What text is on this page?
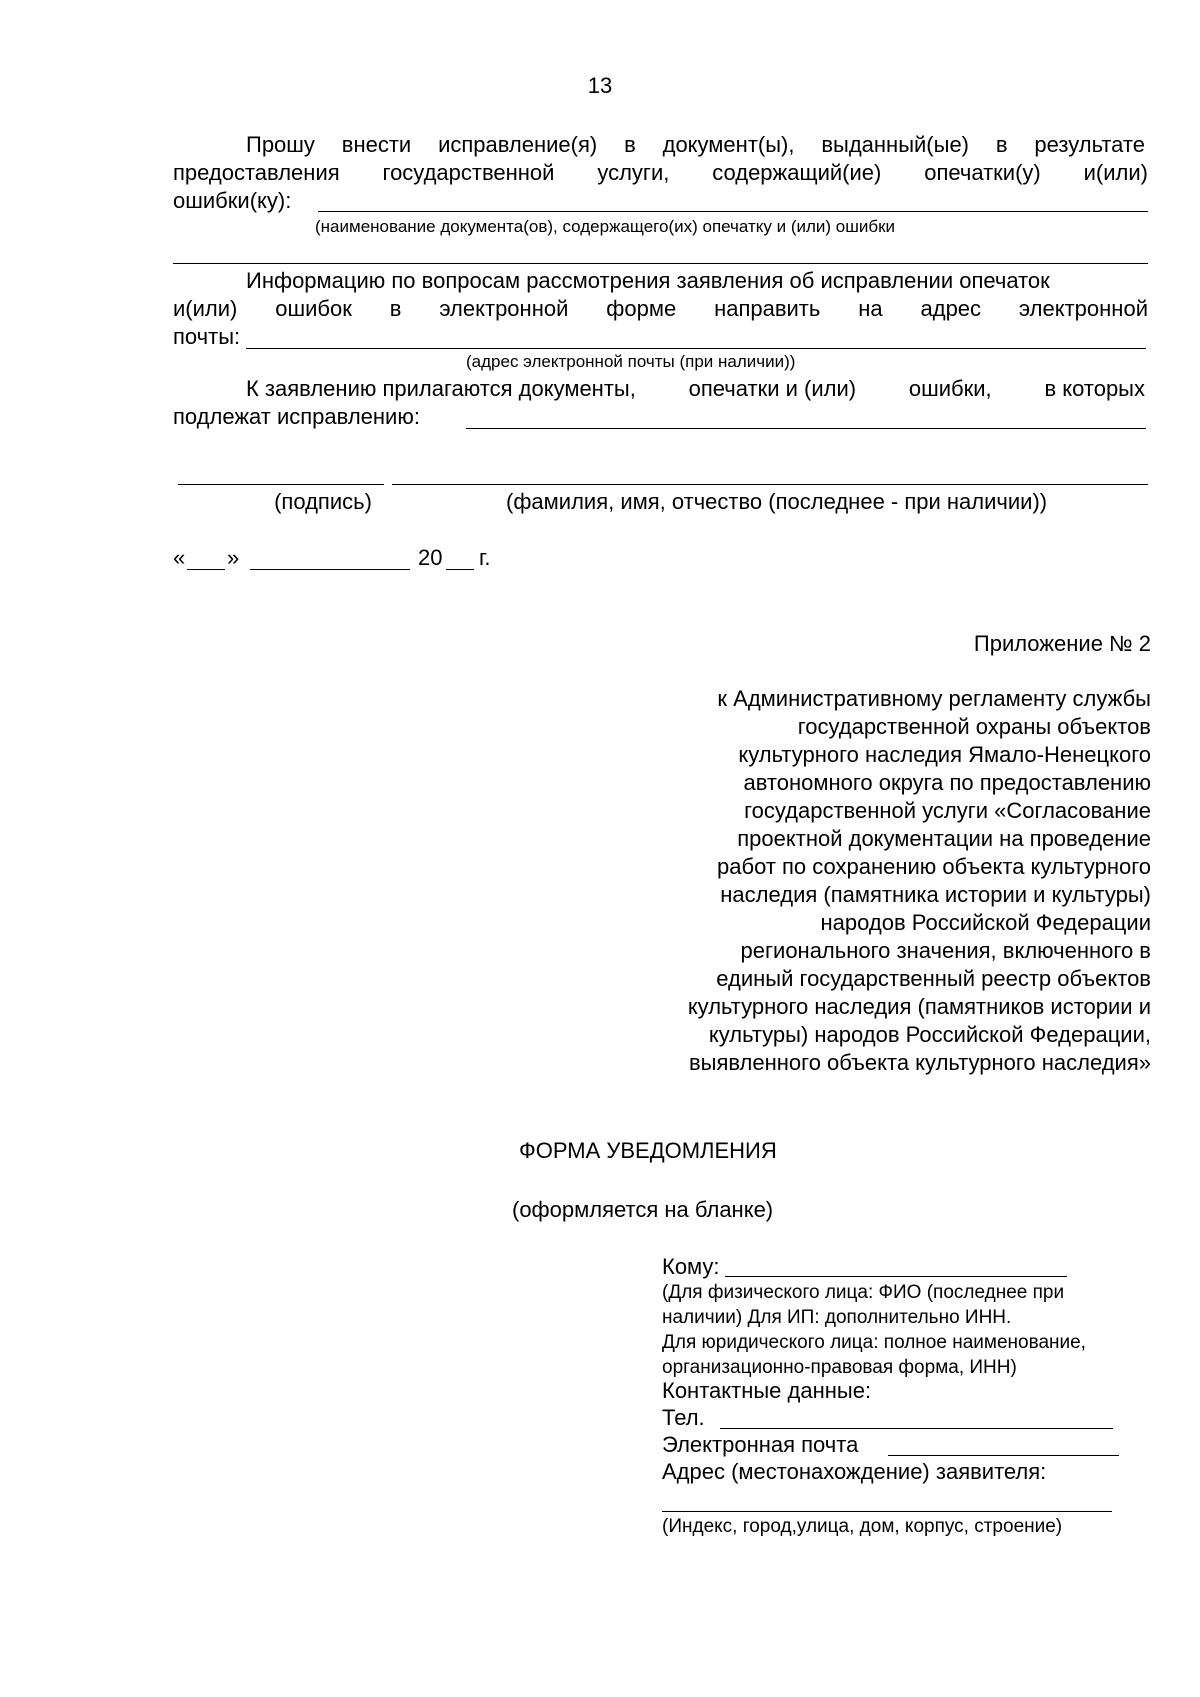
13
Прошу внести исправление(я) в документ(ы), выданный(ые) в результате
предоставления государственной услуги, содержащий(ие) опечатки(у) и(или)
ошибки(ку):
(наименование документа(ов), содержащего(их) опечатку и (или) ошибки
Информацию по вопросам рассмотрения заявления об исправлении опечаток
и(или) ошибок в электронной форме направить на адрес электронной
почты:
(адрес электронной почты (при наличии))
К заявлению прилагаются документы, опечатки и (или) ошибки, в которых
подлежат исправлению:
(подпись)	(фамилия, имя, отчество (последнее - при наличии))
« »	20 г.
Приложение № 2
к Административному регламенту службы
государственной охраны объектов
культурного наследия Ямало-Ненецкого
автономного округа по предоставлению
государственной услуги «Согласование
проектной документации на проведение
работ по сохранению объекта культурного
наследия (памятника истории и культуры)
народов Российской Федерации
регионального значения, включенного в
единый государственный реестр объектов
культурного наследия (памятников истории и
культуры) народов Российской Федерации,
выявленного объекта культурного наследия»
ФОРМА УВЕДОМЛЕНИЯ
(оформляется на бланке)
Кому:
(Для физического лица: ФИО (последнее при
наличии) Для ИП: дополнительно ИНН.
Для юридического лица: полное наименование,
организационно-правовая форма, ИНН)
Контактные данные:
Тел.
Электронная почта
Адрес (местонахождение) заявителя:
(Индекс, город,улица, дом, корпус, строение)
